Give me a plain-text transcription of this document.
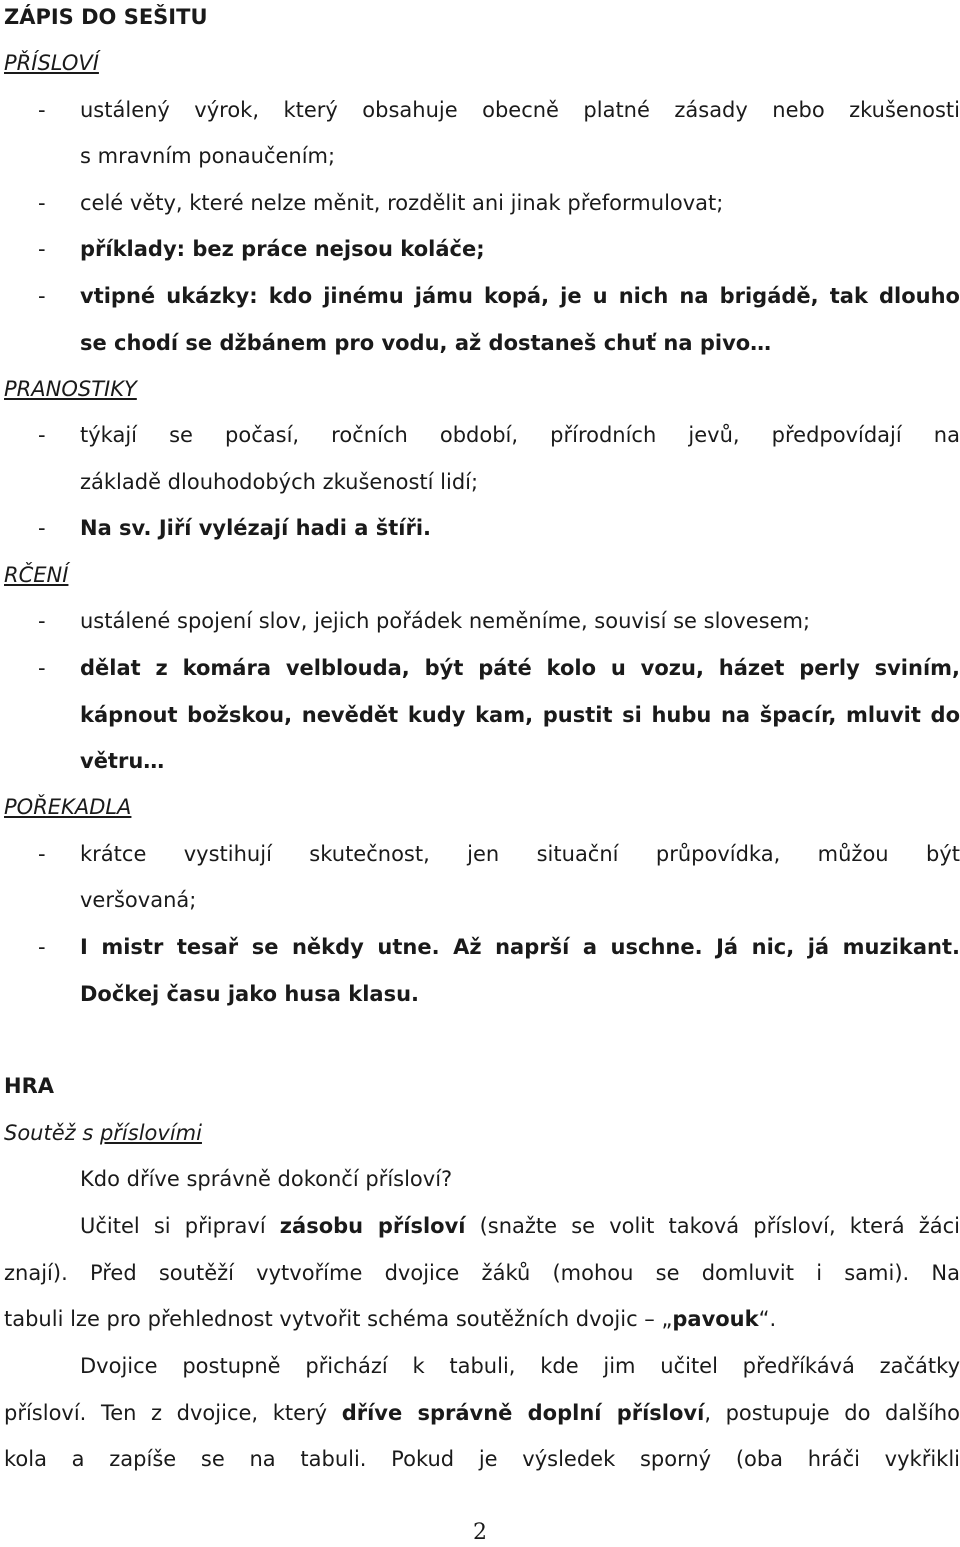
ZÁPIS DO SEŠITU
PŘÍSLOVÍ
- ustálený výrok, který obsahuje obecně platné zásady nebo zkušenosti
s mravním ponaučením;
- celé věty, které nelze měnit, rozdělit ani jinak přeformulovat;
- příklady: bez práce nejsou koláče;
- vtipné ukázky: kdo jinému jámu kopá, je u nich na brigádě, tak dlouho
se chodí se džbánem pro vodu, až dostaneš chuť na pivo…
PRANOSTIKY
- týkají se počasí, ročních období, přírodních jevů, předpovídají na
základě dlouhodobých zkušeností lidí;
- Na sv. Jiří vylézají hadi a štíři.
RČENÍ
- ustálené spojení slov, jejich pořádek neměníme, souvisí se slovesem;
- dělat z komára velblouda, být páté kolo u vozu, házet perly sviním,
kápnout božskou, nevědět kudy kam, pustit si hubu na špacír, mluvit do
větru…
POŘEKADLA
- krátce vystihují skutečnost, jen situační průpovídka, můžou být
veršovaná;
- I mistr tesař se někdy utne. Až naprší a uschne. Já nic, já muzikant.
Dočkej času jako husa klasu.
HRA
Soutěž s příslovími
Kdo dříve správně dokončí přísloví?
Učitel si připraví zásobu přísloví (snažte se volit taková přísloví, která žáci
znají). Před soutěží vytvoříme dvojice žáků (mohou se domluvit i sami). Na
tabuli lze pro přehlednost vytvořit schéma soutěžních dvojic – „pavouk“.
Dvojice postupně přichází k tabuli, kde jim učitel předříkává začátky
přísloví. Ten z dvojice, který dříve správně doplní přísloví, postupuje do dalšího
kola a zapíše se na tabuli. Pokud je výsledek sporný (oba hráči vykřikli
2
